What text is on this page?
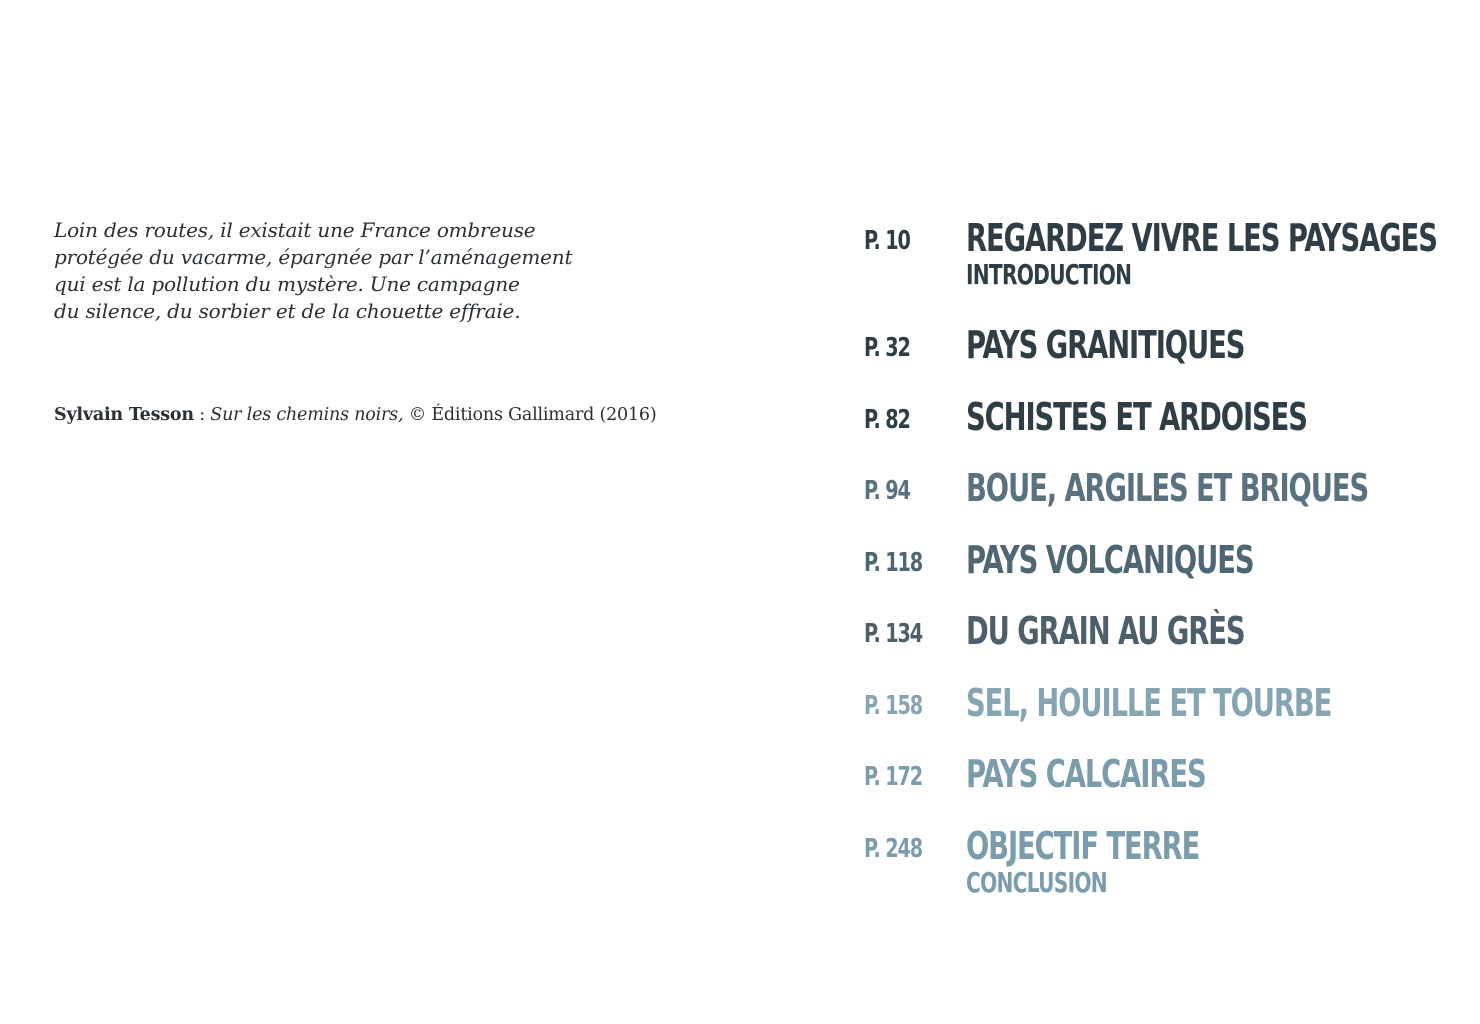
Loin des routes, il existait une France ombreuse
protégée du vacarme, épargnée par l’aménagement
qui est la pollution du mystère. Une campagne
du silence, du sorbier et de la chouette effraie.
Sylvain Tesson : Sur les chemins noirs, © Éditions Gallimard (2016)
P. 10 REGARDEZ VIVRE LES PAYSAGES
INTRODUCTION
P. 32 PAYS GRANITIQUES
P. 82 SCHISTES ET ARDOISES
P. 94 BOUE, ARGILES ET BRIQUES
P. 118 PAYS VOLCANIQUES
P. 134 DU GRAIN AU GRÈS
P. 158 SEL, HOUILLE ET TOURBE
P. 172 PAYS CALCAIRES
P. 248 OBJECTIF TERRE
CONCLUSION
